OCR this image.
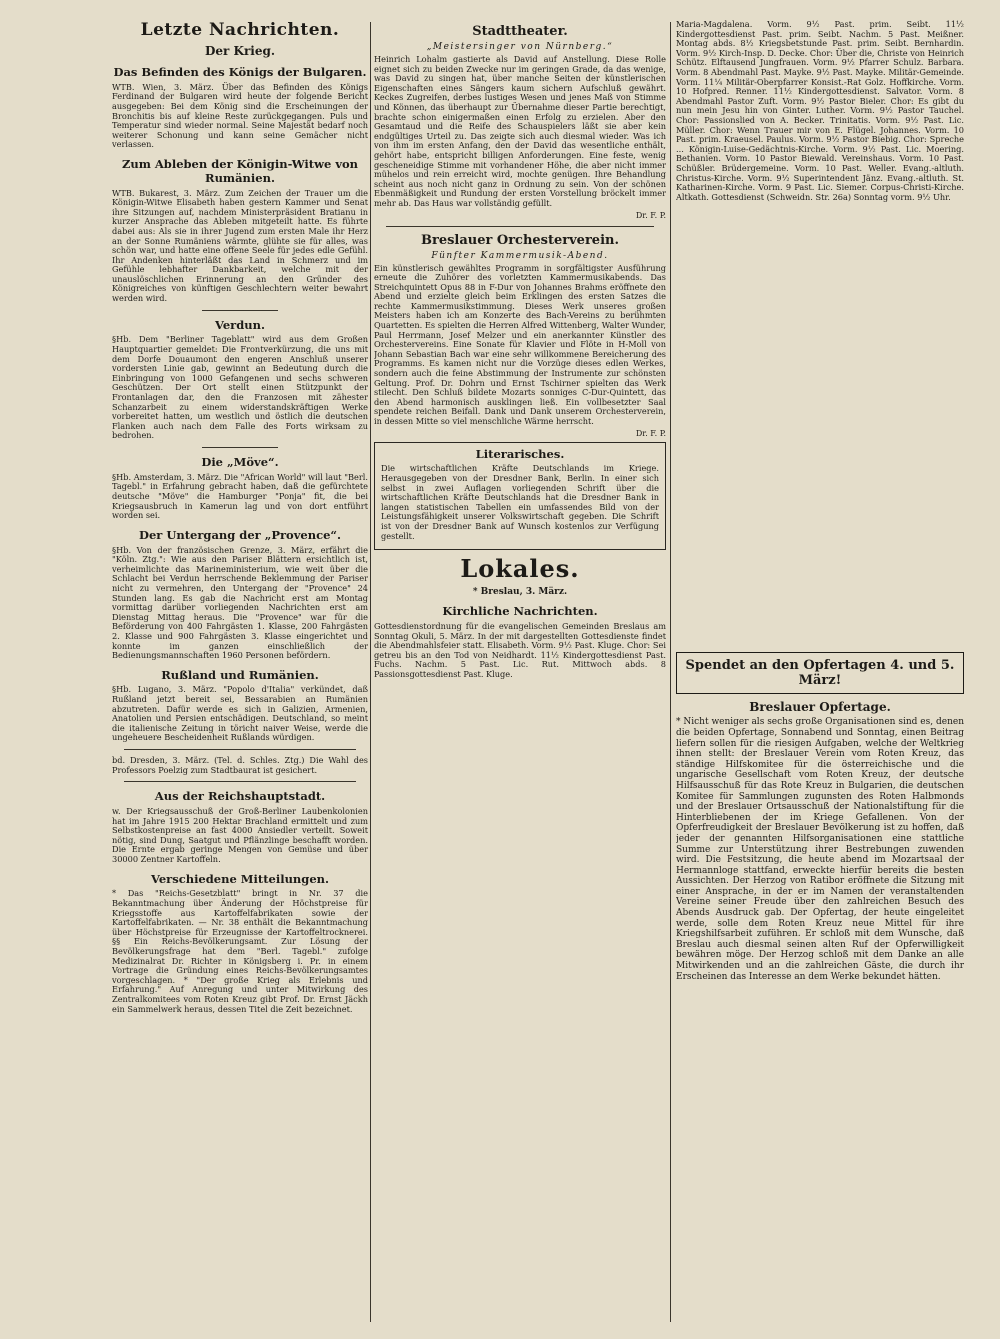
Letzte Nachrichten.
Der Krieg.
Das Befinden des Königs der Bulgaren.

WTB. Wien, 3. März. Über das Befinden des Königs Ferdinand der Bulgaren wird heute der folgende Bericht ausgegeben: Bei dem König sind die Erscheinungen der Bronchitis bis auf kleine Reste zurückgegangen. Puls und Temperatur sind wieder normal. Seine Majestät bedarf noch weiterer Schonung und kann seine Gemächer nicht verlassen.

Zum Ableben der Königin-Witwe von Rumänien.

WTB. Bukarest, 3. März. Zum Zeichen der Trauer um die Königin-Witwe Elisabeth haben gestern Kammer und Senat ihre Sitzungen auf, nachdem Ministerpräsident Bratianu in kurzer Ansprache das Ableben mitgeteilt hatte. Es führte dabei aus: Als sie in ihrer Jugend zum ersten Male ihr Herz an der Sonne Rumäniens wärmte, glühte sie für alles, was schön war, und hatte eine offene Seele für jedes edle Gefühl. Ihr Andenken hinterläßt das Land in Schmerz und im Gefühle lebhafter Dankbarkeit, welche mit der unauslöschlichen Erinnerung an den Gründer des Königreiches von künftigen Geschlechtern weiter bewahrt werden wird.

Verdun.

§Hb. Dem "Berliner Tageblatt" wird aus dem Großen Hauptquartier gemeldet: Die Frontverkürzung, die uns mit dem Dorfe Douaumont den engeren Anschluß unserer vordersten Linie gab, gewinnt an Bedeutung durch die Einbringung von 1000 Gefangenen und sechs schweren Geschützen. Der Ort stellt einen Stützpunkt der Frontanlagen dar, den die Franzosen mit zähester Schanzarbeit zu einem widerstandskräftigen Werke vorbereitet hatten, um westlich und östlich die deutschen Flanken auch nach dem Falle des Forts wirksam zu bedrohen.

Die „Möve“.

§Hb. Amsterdam, 3. März. Die "African World" will laut "Berl. Tagebl." in Erfahrung gebracht haben, daß die gefürchtete deutsche "Möve" die Hamburger "Ponja" fit, die bei Kriegsausbruch in Kamerun lag und von dort entführt worden sei.

Der Untergang der „Provence“.

§Hb. Von der französischen Grenze, 3. März, erfährt die "Köln. Ztg.": Wie aus den Pariser Blättern ersichtlich ist, verheimlichte das Marineministerium, wie weit über die Schlacht bei Verdun herrschende Beklemmung der Pariser nicht zu vermehren, den Untergang der "Provence" 24 Stunden lang. Es gab die Nachricht erst am Montag vormittag darüber vorliegenden Nachrichten erst am Dienstag Mittag heraus. Die "Provence" war für die Beförderung von 400 Fahrgästen 1. Klasse, 200 Fahrgästen 2. Klasse und 900 Fahrgästen 3. Klasse eingerichtet und konnte im ganzen einschließlich der Bedienungsmannschaften 1960 Personen befördern.

Rußland und Rumänien.

§Hb. Lugano, 3. März. "Popolo d'Italia" verkündet, daß Rußland jetzt bereit sei, Bessarabien an Rumänien abzutreten. Dafür werde es sich in Galizien, Armenien, Anatolien und Persien entschädigen. Deutschland, so meint die italienische Zeitung in töricht naiver Weise, werde die ungeheuere Bescheidenheit Rußlands würdigen.

bd. Dresden, 3. März. (Tel. d. Schles. Ztg.) Die Wahl des Professors Poelzig zum Stadtbaurat ist gesichert.

Aus der Reichshauptstadt.

w. Der Kriegsausschuß der Groß-Berliner Laubenkolonien hat im Jahre 1915 200 Hektar Brachland ermittelt und zum Selbstkostenpreise an fast 4000 Ansiedler verteilt. Soweit nötig, sind Dung, Saatgut und Pflänzlinge beschafft worden. Die Ernte ergab geringe Mengen von Gemüse und über 30000 Zentner Kartoffeln.

Verschiedene Mitteilungen.

* Das "Reichs-Gesetzblatt" bringt in Nr. 37 die Bekanntmachung über Änderung der Höchstpreise für Kriegsstoffe aus Kartoffelfabrikaten sowie der Kartoffelfabrikaten. — Nr. 38 enthält die Bekanntmachung über Höchstpreise für Erzeugnisse der Kartoffeltrocknerei. §§ Ein Reichs-Bevölkerungsamt. Zur Lösung der Bevölkerungsfrage hat dem "Berl. Tagebl." zufolge Medizinalrat Dr. Richter in Königsberg i. Pr. in einem Vortrage die Gründung eines Reichs-Bevölkerungsamtes vorgeschlagen. * "Der große Krieg als Erlebnis und Erfahrung." Auf Anregung und unter Mitwirkung des Zentralkomitees vom Roten Kreuz gibt Prof. Dr. Ernst Jäckh ein Sammelwerk heraus, dessen Titel die Zeit bezeichnet.

Stadttheater.
„Meistersinger von Nürnberg.“

Heinrich Lohalm gastierte als David auf Anstellung. Diese Rolle eignet sich zu beiden Zwecke nur im geringen Grade, da das wenige, was David zu singen hat, über manche Seiten der künstlerischen Eigenschaften eines Sängers kaum sichern Aufschluß gewährt. Keckes Zugreifen, derbes lustiges Wesen und jenes Maß von Stimme und Können, das überhaupt zur Übernahme dieser Partie berechtigt, brachte schon einigermaßen einen Erfolg zu erzielen. Aber den Gesamtaud und die Reife des Schauspielers läßt sie aber kein endgültiges Urteil zu. Das zeigte sich auch diesmal wieder. Was ich von ihm im ersten Anfang, den der David das wesentliche enthält, gehört habe, entspricht billigen Anforderungen. Eine feste, wenig gescheneidige Stimme mit vorhandener Höhe, die aber nicht immer mühelos und rein erreicht wird, mochte genügen. Ihre Behandlung scheint aus noch nicht ganz in Ordnung zu sein. Von der schönen Ebenmäßigkeit und Rundung der ersten Vorstellung bröckelt immer mehr ab. Das Haus war vollständig gefüllt.

Dr. F. P.
Breslauer Orchesterverein.
Fünfter Kammermusik-Abend.

Ein künstlerisch gewähltes Programm in sorgfältigster Ausführung erneute die Zuhörer des vorletzten Kammermusikabends. Das Streichquintett Opus 88 in F-Dur von Johannes Brahms eröffnete den Abend und erzielte gleich beim Erklingen des ersten Satzes die rechte Kammermusikstimmung. Dieses Werk unseres großen Meisters haben ich am Konzerte des Bach-Vereins zu berühmten Quartetten. Es spielten die Herren Alfred Wittenberg, Walter Wunder, Paul Herrmann, Josef Melzer und ein anerkannter Künstler des Orchestervereins. Eine Sonate für Klavier und Flöte in H-Moll von Johann Sebastian Bach war eine sehr willkommene Bereicherung des Programms. Es kamen nicht nur die Vorzüge dieses edlen Werkes, sondern auch die feine Abstimmung der Instrumente zur schönsten Geltung. Prof. Dr. Dohrn und Ernst Tschirner spielten das Werk stilecht. Den Schluß bildete Mozarts sonniges C-Dur-Quintett, das den Abend harmonisch ausklingen ließ. Ein vollbesetzter Saal spendete reichen Beifall. Dank und Dank unserem Orchesterverein, in dessen Mitte so viel menschliche Wärme herrscht.

Dr. F. P.
Literarisches.

Die wirtschaftlichen Kräfte Deutschlands im Kriege. Herausgegeben von der Dresdner Bank, Berlin. In einer sich selbst in zwei Auflagen vorliegenden Schrift über die wirtschaftlichen Kräfte Deutschlands hat die Dresdner Bank in langen statistischen Tabellen ein umfassendes Bild von der Leistungsfähigkeit unserer Volkswirtschaft gegeben. Die Schrift ist von der Dresdner Bank auf Wunsch kostenlos zur Verfügung gestellt.

Lokales.
* Breslau, 3. März.
Kirchliche Nachrichten.

Gottesdienstordnung für die evangelischen Gemeinden Breslaus am Sonntag Okuli, 5. März. In der mit dargestellten Gottesdienste findet die Abendmahlsfeier statt. Elisabeth. Vorm. 9½ Past. Kluge. Chor: Sei getreu bis an den Tod von Neidhardt. 11½ Kindergottesdienst Past. Fuchs. Nachm. 5 Past. Lic. Rut. Mittwoch abds. 8 Passionsgottesdienst Past. Kluge.

Maria-Magdalena. Vorm. 9½ Past. prim. Seibt. 11½ Kindergottesdienst Past. prim. Seibt. Nachm. 5 Past. Meißner. Montag abds. 8½ Kriegsbetstunde Past. prim. Seibt. Bernhardin. Vorm. 9½ Kirch-Insp. D. Decke. Chor: Über die, Christe von Heinrich Schütz. Elftausend Jungfrauen. Vorm. 9½ Pfarrer Schulz. Barbara. Vorm. 8 Abendmahl Past. Mayke. 9½ Past. Mayke. Militär-Gemeinde. Vorm. 11¼ Militär-Oberpfarrer Konsist.-Rat Golz. Hoffkirche. Vorm. 10 Hofpred. Renner. 11½ Kindergottesdienst. Salvator. Vorm. 8 Abendmahl Pastor Zuft. Vorm. 9½ Pastor Bieler. Chor: Es gibt du nun mein Jesu hin von Ginter. Luther. Vorm. 9½ Pastor Tauchel. Chor: Passionslied von A. Becker. Trinitatis. Vorm. 9½ Past. Lic. Müller. Chor: Wenn Trauer mir von E. Flügel. Johannes. Vorm. 10 Past. prim. Kraeusel. Paulus. Vorm. 9½ Pastor Biebig. Chor: Spreche ... Königin-Luise-Gedächtnis-Kirche. Vorm. 9½ Past. Lic. Moering. Bethanien. Vorm. 10 Pastor Biewald. Vereinshaus. Vorm. 10 Past. Schüßler. Brüdergemeine. Vorm. 10 Past. Weller. Evang.-altluth. Christus-Kirche. Vorm. 9½ Superintendent Jänz. Evang.-altluth. St. Katharinen-Kirche. Vorm. 9 Past. Lic. Siemer. Corpus-Christi-Kirche. Altkath. Gottesdienst (Schweidn. Str. 26a) Sonntag vorm. 9½ Uhr.

Breslauer Opfertage.

* Nicht weniger als sechs große Organisationen sind es, denen die beiden Opfertage, Sonnabend und Sonntag, einen Beitrag liefern sollen für die riesigen Aufgaben, welche der Weltkrieg ihnen stellt: der Breslauer Verein vom Roten Kreuz, das ständige Hilfskomitee für die österreichische und die ungarische Gesellschaft vom Roten Kreuz, der deutsche Hilfsausschuß für das Rote Kreuz in Bulgarien, die deutschen Komitee für Sammlungen zugunsten des Roten Halbmonds und der Breslauer Ortsausschuß der Nationalstiftung für die Hinterbliebenen der im Kriege Gefallenen. Von der Opferfreudigkeit der Breslauer Bevölkerung ist zu hoffen, daß jeder der genannten Hilfsorganisationen eine stattliche Summe zur Unterstützung ihrer Bestrebungen zuwenden wird. Die Festsitzung, die heute abend im Mozartsaal der Hermannloge stattfand, erweckte hierfür bereits die besten Aussichten. Der Herzog von Ratibor eröffnete die Sitzung mit einer Ansprache, in der er im Namen der veranstaltenden Vereine seiner Freude über den zahlreichen Besuch des Abends Ausdruck gab. Der Opfertag, der heute eingeleitet werde, solle dem Roten Kreuz neue Mittel für ihre Kriegshilfsarbeit zuführen. Er schloß mit dem Wunsche, daß Breslau auch diesmal seinen alten Ruf der Opferwilligkeit bewähren möge. Der Herzog schloß mit dem Danke an alle Mitwirkenden und an die zahlreichen Gäste, die durch ihr Erscheinen das Interesse an dem Werke bekundet hätten.

Spendet an den Opfertagen 4. und 5. März!
